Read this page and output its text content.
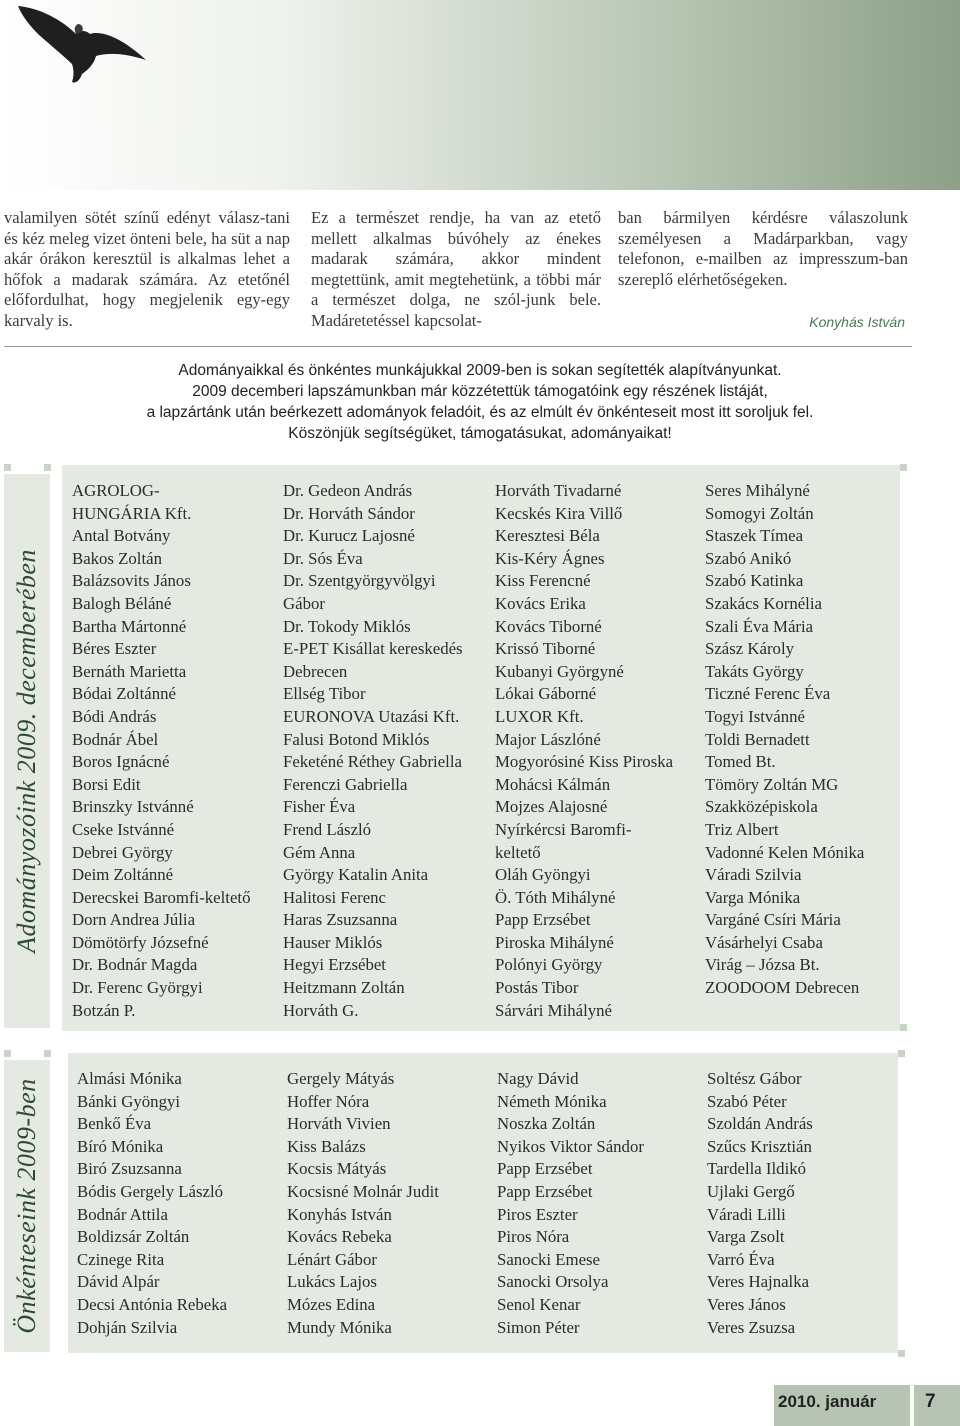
valamilyen sötét színű edényt válasz-tani és kéz meleg vizet önteni bele, ha süt a nap akár órákon keresztül is alkalmas lehet a hőfok a madarak számára. Az etetőnél előfordulhat, hogy megjelenik egy-egy karvaly is.
Ez a természet rendje, ha van az etető mellett alkalmas búvóhely az énekes madarak számára, akkor mindent megtettünk, amit megtehetünk, a többi már a természet dolga, ne szól-junk bele. Madáretetéssel kapcsolat-
ban bármilyen kérdésre válaszolunk személyesen a Madárparkban, vagy telefonon, e-mailben az impresszum-ban szereplő elérhetőségeken.
Konyhás István
Adományaikkal és önkéntes munkájukkal 2009-ben is sokan segítették alapítványunkat.
2009 decemberi lapszámunkban már közzétettük támogatóink egy részének listáját,
a lapzártánk után beérkezett adományok feladóit, és az elmúlt év önkénteseit most itt soroljuk fel.
Köszönjük segítségüket, támogatásukat, adományaikat!
Adományozóink 2009. decemberében
AGROLOG-
HUNGÁRIA Kft.
Antal Botvány
Bakos Zoltán
Balázsovits János
Balogh Béláné
Bartha Mártonné
Béres Eszter
Bernáth Marietta
Bódai Zoltánné
Bódi András
Bodnár Ábel
Boros Ignácné
Borsi Edit
Brinszky Istvánné
Cseke Istvánné
Debrei György
Deim Zoltánné
Derecskei Baromfi-keltető
Dorn Andrea Júlia
Dömötörfy Józsefné
Dr. Bodnár Magda
Dr. Ferenc Györgyi
Botzán P.
Dr. Gedeon András
Dr. Horváth Sándor
Dr. Kurucz Lajosné
Dr. Sós Éva
Dr. Szentgyörgyvölgyi
Gábor
Dr. Tokody Miklós
E-PET Kisállat kereskedés
Debrecen
Ellség Tibor
EURONOVA Utazási Kft.
Falusi Botond Miklós
Feketéné Réthey Gabriella
Ferenczi Gabriella
Fisher Éva
Frend László
Gém Anna
György Katalin Anita
Halitosi Ferenc
Haras Zsuzsanna
Hauser Miklós
Hegyi Erzsébet
Heitzmann Zoltán
Horváth G.
Horváth Tivadarné
Kecskés Kira Villő
Keresztesi Béla
Kis-Kéry Ágnes
Kiss Ferencné
Kovács Erika
Kovács Tiborné
Krissó Tiborné
Kubanyi Györgyné
Lókai Gáborné
LUXOR Kft.
Major Lászlóné
Mogyorósiné Kiss Piroska
Mohácsi Kálmán
Mojzes Alajosné
Nyírkércsi Baromfi-
keltető
Oláh Gyöngyi
Ö. Tóth Mihályné
Papp Erzsébet
Piroska Mihályné
Polónyi György
Postás Tibor
Sárvári Mihályné
Seres Mihályné
Somogyi Zoltán
Staszek Tímea
Szabó Anikó
Szabó Katinka
Szakács Kornélia
Szali Éva Mária
Szász Károly
Takáts György
Ticzné Ferenc Éva
Togyi Istvánné
Toldi Bernadett
Tomed Bt.
Tömöry Zoltán MG
Szakközépiskola
Triz Albert
Vadonné Kelen Mónika
Váradi Szilvia
Varga Mónika
Vargáné Csíri Mária
Vásárhelyi Csaba
Virág – Józsa Bt.
ZOODOOM Debrecen
Önkénteseink 2009-ben Almási Mónika
Bánki Gyöngyi
Benkő Éva
Bíró Mónika
Biró Zsuzsanna
Bódis Gergely László
Bodnár Attila
Boldizsár Zoltán
Czinege Rita
Dávid Alpár
Decsi Antónia Rebeka
Dohján Szilvia
Gergely Mátyás
Hoffer Nóra
Horváth Vivien
Kiss Balázs
Kocsis Mátyás
Kocsisné Molnár Judit
Konyhás István
Kovács Rebeka
Lénárt Gábor
Lukács Lajos
Mózes Edina
Mundy Mónika
Nagy Dávid
Németh Mónika
Noszka Zoltán
Nyikos Viktor Sándor
Papp Erzsébet
Papp Erzsébet
Piros Eszter
Piros Nóra
Sanocki Emese
Sanocki Orsolya
Senol Kenar
Simon Péter
Soltész Gábor
Szabó Péter
Szoldán András
Szűcs Krisztián
Tardella Ildikó
Ujlaki Gergő
Váradi Lilli
Varga Zsolt
Varró Éva
Veres Hajnalka
Veres János
Veres Zsuzsa
2010. január	7
